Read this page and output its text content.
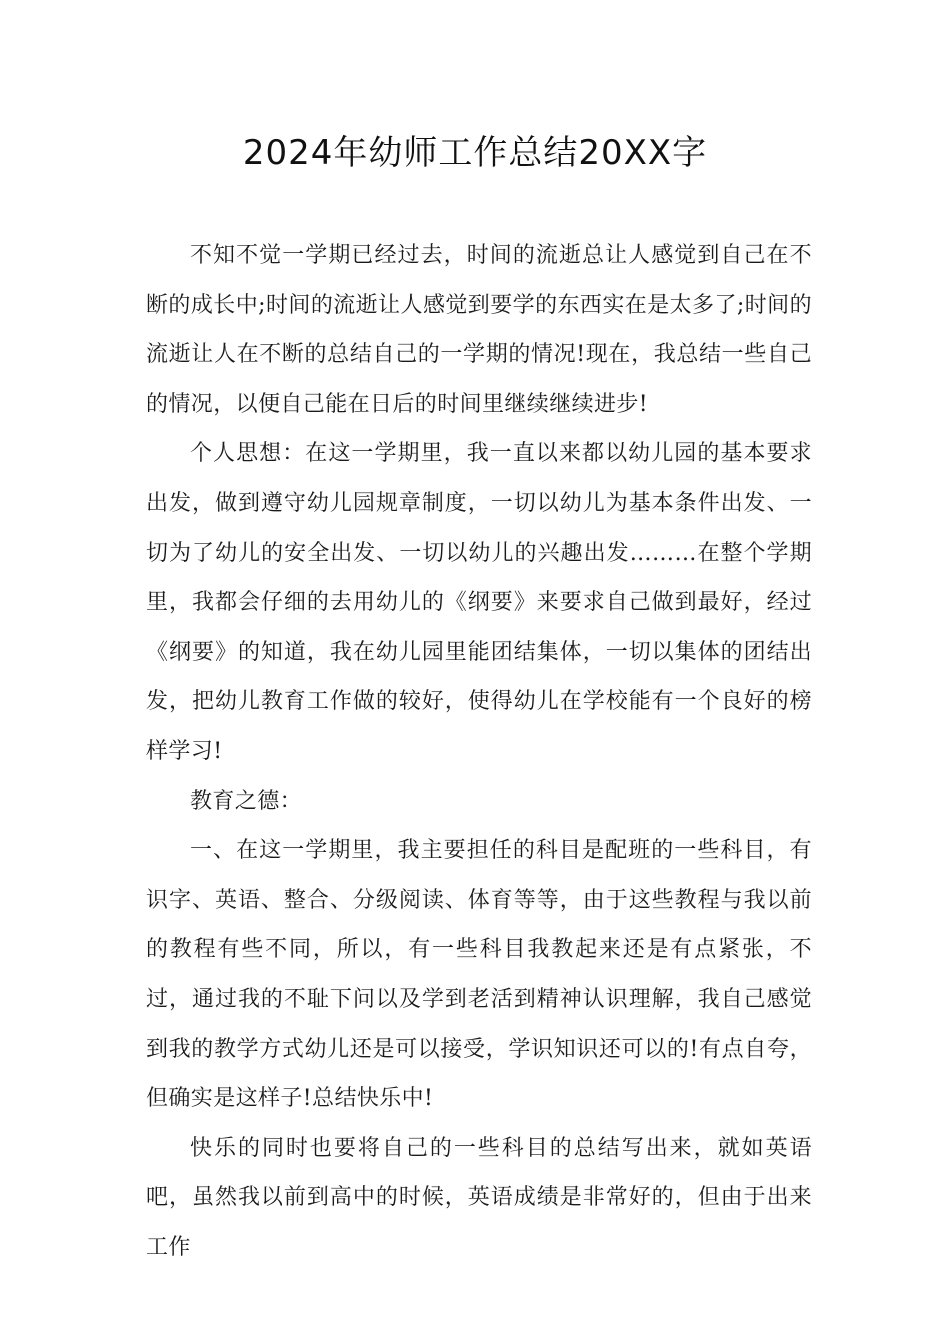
2024年幼师工作总结20XX字

不知不觉一学期已经过去，时间的流逝总让人感觉到自己在不断的成长中;时间的流逝让人感觉到要学的东西实在是太多了;时间的流逝让人在不断的总结自己的一学期的情况!现在，我总结一些自己的情况，以便自己能在日后的时间里继续继续进步!

个人思想：在这一学期里，我一直以来都以幼儿园的基本要求出发，做到遵守幼儿园规章制度，一切以幼儿为基本条件出发、一切为了幼儿的安全出发、一切以幼儿的兴趣出发………在整个学期里，我都会仔细的去用幼儿的《纲要》来要求自己做到最好，经过《纲要》的知道，我在幼儿园里能团结集体，一切以集体的团结出发，把幼儿教育工作做的较好，使得幼儿在学校能有一个良好的榜样学习!

教育之德：

一、在这一学期里，我主要担任的科目是配班的一些科目，有识字、英语、整合、分级阅读、体育等等，由于这些教程与我以前的教程有些不同，所以，有一些科目我教起来还是有点紧张，不过，通过我的不耻下问以及学到老活到精神认识理解，我自己感觉到我的教学方式幼儿还是可以接受，学识知识还可以的!有点自夸，但确实是这样子!总结快乐中!

快乐的同时也要将自己的一些科目的总结写出来，就如英语吧，虽然我以前到高中的时候，英语成绩是非常好的，但由于出来工作
